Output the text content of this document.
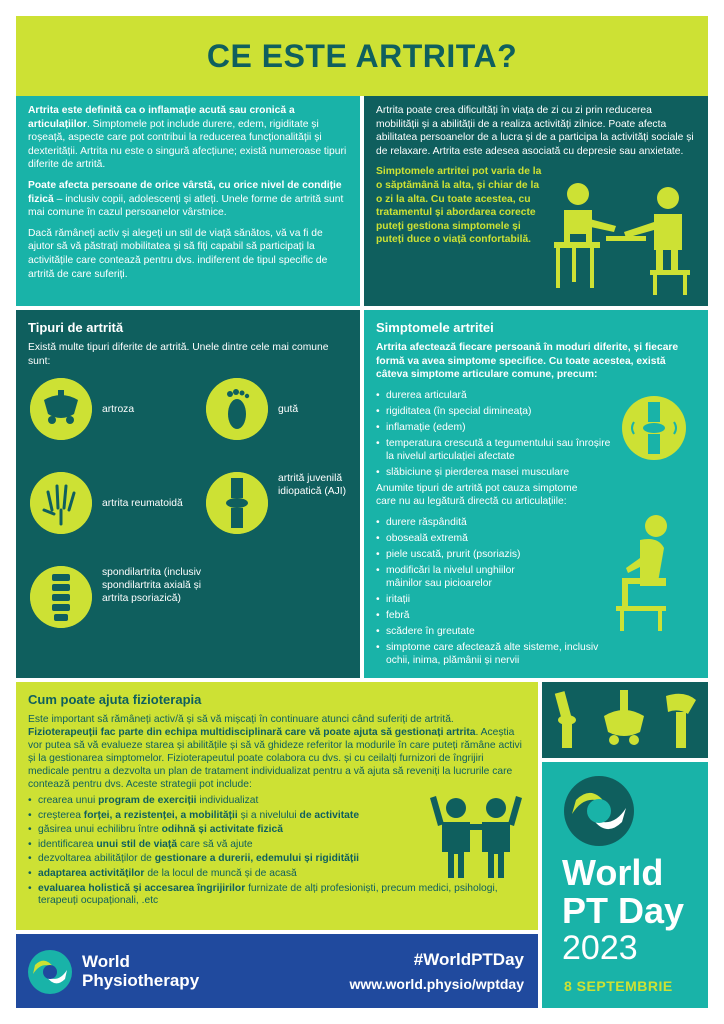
CE ESTE ARTRITA?

Artrita este definită ca o inflamație acută sau cronică a articulațiilor. Simptomele pot include durere, edem, rigiditate și roșeață, aspecte care pot contribui la reducerea funcționalității și dexterității. Artrita nu este o singură afecțiune; există numeroase tipuri diferite de artrită.

Poate afecta persoane de orice vârstă, cu orice nivel de condiție fizică – inclusiv copii, adolescenți și atleți. Unele forme de artrită sunt mai comune în cazul persoanelor vârstnice.

Dacă rămâneți activ și alegeți un stil de viață sănătos, vă va fi de ajutor să vă păstrați mobilitatea și să fiți capabil să participați la activitățile care contează pentru dvs. indiferent de tipul specific de artrită de care suferiți.

Artrita poate crea dificultăți în viața de zi cu zi prin reducerea mobilității și a abilității de a realiza activități zilnice. Poate afecta abilitatea persoanelor de a lucra și de a participa la activități sociale și de relaxare. Artrita este adesea asociată cu depresie sau anxietate.

Simptomele artritei pot varia de la o săptămână la alta, și chiar de la o zi la alta. Cu toate acestea, cu tratamentul și abordarea corecte puteți gestiona simptomele și puteți duce o viață confortabilă.

Tipuri de artrită

Există multe tipuri diferite de artrită. Unele dintre cele mai comune sunt:

artroza	gută
artrita reumatoidă
artrită juvenilă idiopatică (AJI)
spondilartrita (inclusiv spondilartrita axială și artrita psoriazică)
Simptomele artritei

Artrita afectează fiecare persoană în moduri diferite, și fiecare formă va avea simptome specifice. Cu toate acestea, există câteva simptome articulare comune, precum:

• durerea articulară
• rigiditatea (în special dimineața)
• inflamație (edem)
• temperatura crescută a tegumentului sau înroșire la nivelul articulației afectate
• slăbiciune și pierderea masei musculare

Anumite tipuri de artrită pot cauza simptome care nu au legătură directă cu articulațiile:

• durere răspândită
• oboseală extremă
• piele uscată, prurit (psoriazis)
• modificări la nivelul unghiilor mâinilor sau picioarelor
• iritații
• febră
• scădere în greutate
• simptome care afectează alte sisteme, inclusiv ochii, inima, plămânii și nervii
Cum poate ajuta fizioterapia

Este important să rămâneți activ/ă și să vă mișcați în continuare atunci când suferiți de artrită.

Fizioterapeuții fac parte din echipa multidisciplinară care vă poate ajuta să gestionați artrita. Aceștia vor putea să vă evalueze starea și abilitățile și să vă ghideze referitor la modurile în care puteți rămâne activi și la gestionarea simptomelor. Fizioterapeutul poate colabora cu dvs. și cu ceilalți furnizori de îngrijiri medicale pentru a dezvolta un plan de tratament individualizat pentru a vă ajuta să reveniți la lucrurile care contează pentru dvs. Aceste strategii pot include:

• crearea unui program de exerciții individualizat
• creșterea forței, a rezistenței, a mobilității și a nivelului de activitate
• găsirea unui echilibru între odihnă și activitate fizică
• identificarea unui stil de viață care să vă ajute
• dezvoltarea abilităților de gestionare a durerii, edemului și rigidității
• adaptarea activităților de la locul de muncă și de acasă
• evaluarea holistică și accesarea îngrijirilor furnizate de alți profesioniști, precum medici, psihologi, terapeuți ocupaționali, .etc
World
PT Day
2023
8 SEPTEMBRIE
World
Physiotherapy
#WorldPTDay
www.world.physio/wptday
